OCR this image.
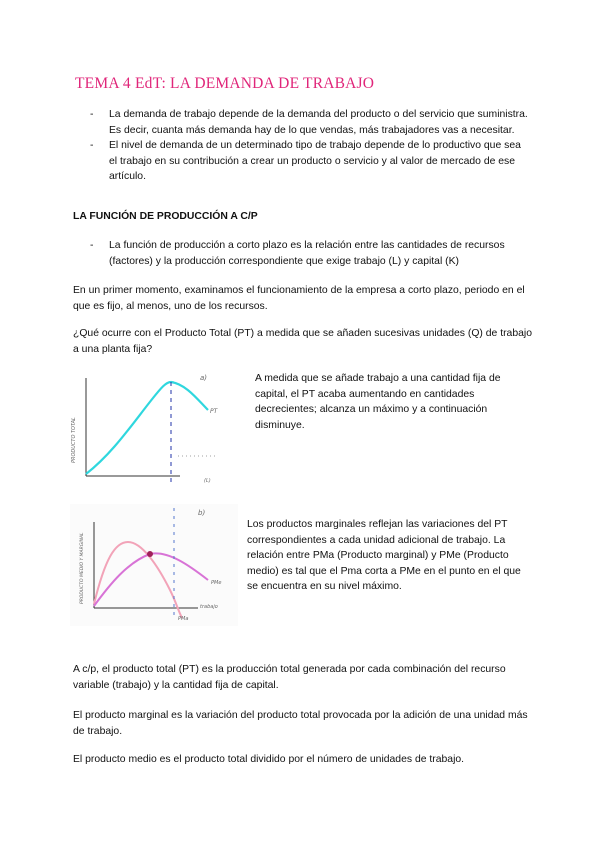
TEMA 4 EdT: LA DEMANDA DE TRABAJO
- La demanda de trabajo depende de la demanda del producto o del servicio que suministra. Es decir, cuanta más demanda hay de lo que vendas, más trabajadores vas a necesitar.
- El nivel de demanda de un determinado tipo de trabajo depende de lo productivo que sea el trabajo en su contribución a crear un producto o servicio y al valor de mercado de ese artículo.
LA FUNCIÓN DE PRODUCCIÓN A C/P
- La función de producción a corto plazo es la relación entre las cantidades de recursos (factores) y la producción correspondiente que exige trabajo (L) y capital (K)

En un primer momento, examinamos el funcionamiento de la empresa a corto plazo, periodo en el que es fijo, al menos, uno de los recursos.

¿Qué ocurre con el Producto Total (PT) a medida que se añaden sucesivas unidades (Q) de trabajo a una planta fija?

a)
PT
PRODUCTO TOTAL
(L)

A medida que se añade trabajo a una cantidad fija de capital, el PT acaba aumentando en cantidades decrecientes; alcanza un máximo y a continuación disminuye.

b)
PMe
PMa
PRODUCTO MEDIO Y MARGINAL
trabajo

Los productos marginales reflejan las variaciones del PT correspondientes a cada unidad adicional de trabajo. La relación entre PMa (Producto marginal) y PMe (Producto medio) es tal que el Pma corta a PMe en el punto en el que se encuentra en su nivel máximo.

A c/p, el producto total (PT) es la producción total generada por cada combinación del recurso variable (trabajo) y la cantidad fija de capital.

El producto marginal es la variación del producto total provocada por la adición de una unidad más de trabajo.

El producto medio es el producto total dividido por el número de unidades de trabajo.
